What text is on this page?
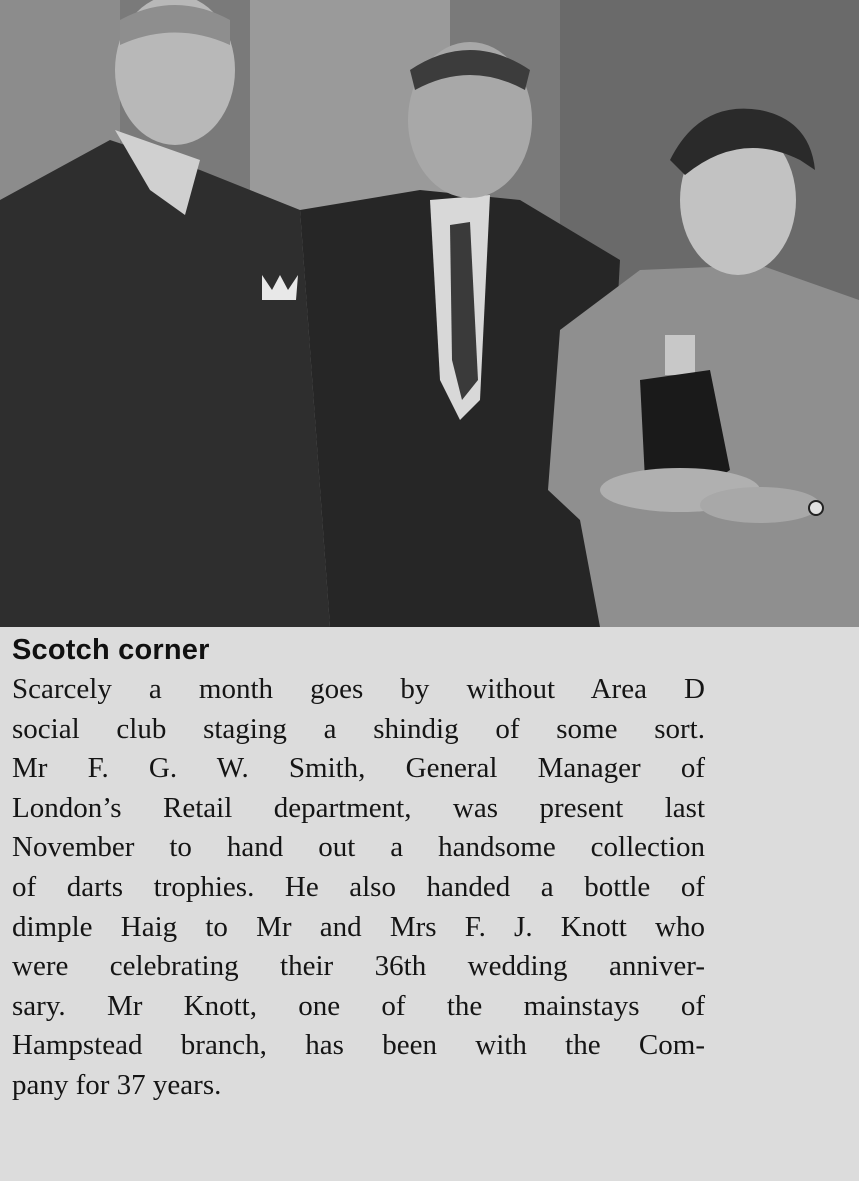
Scotch corner

Scarcely a month goes by without Area D
social club staging a shindig of some sort.
Mr F. G. W. Smith, General Manager of
London’s Retail department, was present last
November to hand out a handsome collection
of darts trophies. He also handed a bottle of
dimple Haig to Mr and Mrs F. J. Knott who
were celebrating their 36th wedding anniver-
sary. Mr Knott, one of the mainstays of
Hampstead branch, has been with the Com-
pany for 37 years.
